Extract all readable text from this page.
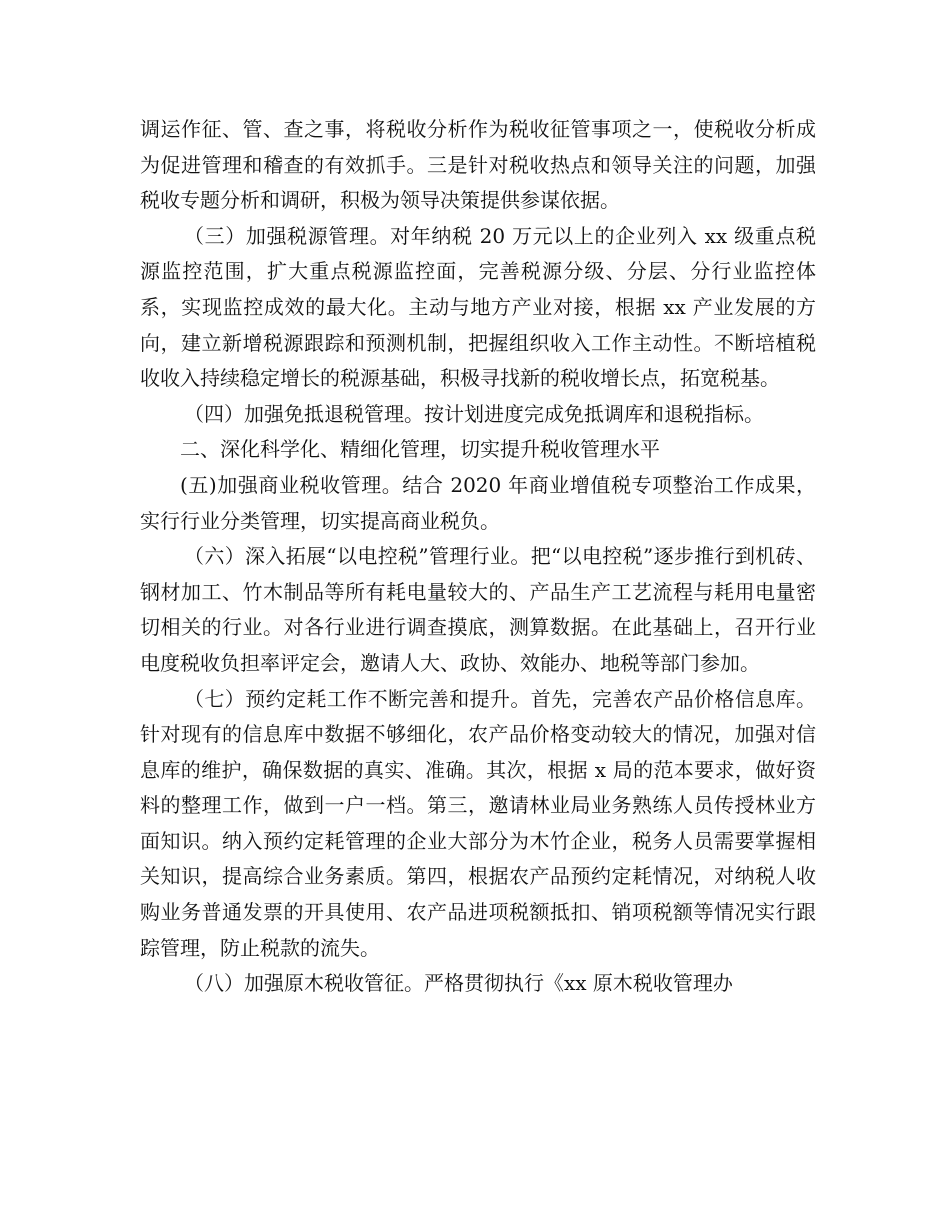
调运作征、管、查之事，将税收分析作为税收征管事项之一，使税收分析成为促进管理和稽查的有效抓手。三是针对税收热点和领导关注的问题，加强税收专题分析和调研，积极为领导决策提供参谋依据。

（三）加强税源管理。对年纳税 20 万元以上的企业列入 xx 级重点税源监控范围，扩大重点税源监控面，完善税源分级、分层、分行业监控体系，实现监控成效的最大化。主动与地方产业对接，根据 xx 产业发展的方向，建立新增税源跟踪和预测机制，把握组织收入工作主动性。不断培植税收收入持续稳定增长的税源基础，积极寻找新的税收增长点，拓宽税基。

（四）加强免抵退税管理。按计划进度完成免抵调库和退税指标。

二、深化科学化、精细化管理，切实提升税收管理水平

(五)加强商业税收管理。结合 2020 年商业增值税专项整治工作成果，实行行业分类管理，切实提高商业税负。

（六）深入拓展“以电控税”管理行业。把“以电控税”逐步推行到机砖、钢材加工、竹木制品等所有耗电量较大的、产品生产工艺流程与耗用电量密切相关的行业。对各行业进行调查摸底，测算数据。在此基础上，召开行业电度税收负担率评定会，邀请人大、政协、效能办、地税等部门参加。

（七）预约定耗工作不断完善和提升。首先，完善农产品价格信息库。针对现有的信息库中数据不够细化，农产品价格变动较大的情况，加强对信息库的维护，确保数据的真实、准确。其次，根据 x 局的范本要求，做好资料的整理工作，做到一户一档。第三，邀请林业局业务熟练人员传授林业方面知识。纳入预约定耗管理的企业大部分为木竹企业，税务人员需要掌握相关知识，提高综合业务素质。第四，根据农产品预约定耗情况，对纳税人收购业务普通发票的开具使用、农产品进项税额抵扣、销项税额等情况实行跟踪管理，防止税款的流失。

（八）加强原木税收管征。严格贯彻执行《xx 原木税收管理办
